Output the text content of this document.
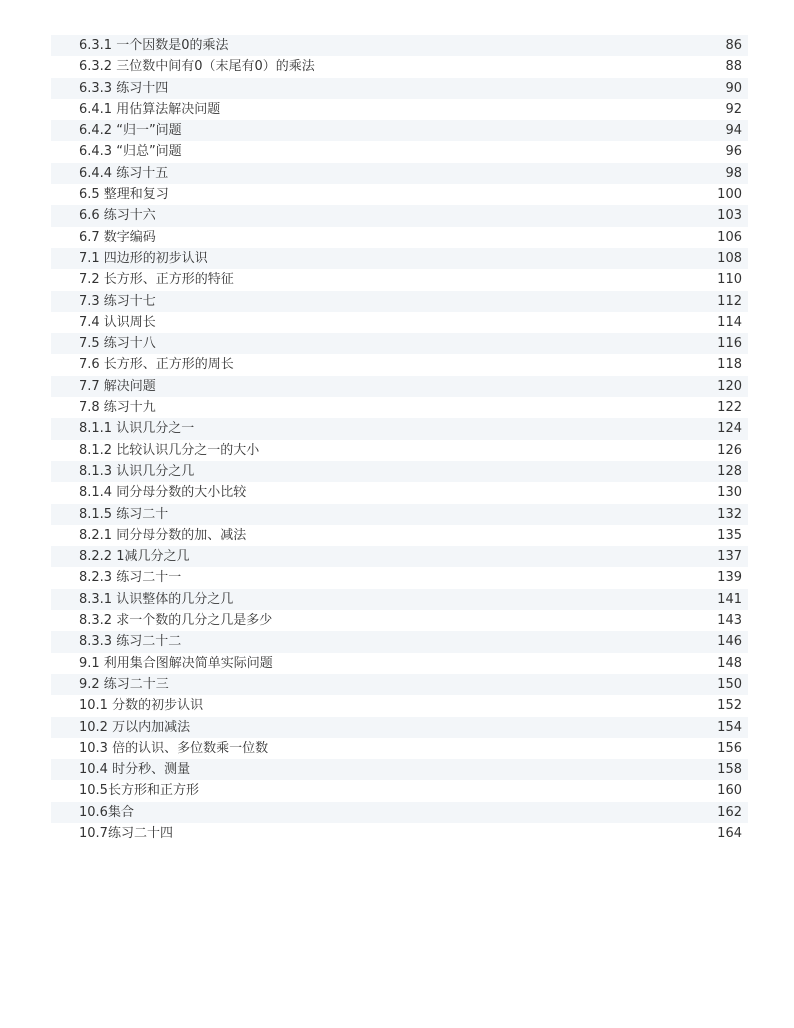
6.3.1 一个因数是0的乘法	86
6.3.2 三位数中间有0（末尾有0）的乘法	88
6.3.3 练习十四	90
6.4.1 用估算法解决问题	92
6.4.2 “归一”问题	94
6.4.3 “归总”问题	96
6.4.4 练习十五	98
6.5 整理和复习	100
6.6 练习十六	103
6.7 数字编码	106
7.1 四边形的初步认识	108
7.2 长方形、正方形的特征	110
7.3 练习十七	112
7.4 认识周长	114
7.5 练习十八	116
7.6 长方形、正方形的周长	118
7.7 解决问题	120
7.8 练习十九	122
8.1.1 认识几分之一	124
8.1.2 比较认识几分之一的大小	126
8.1.3 认识几分之几	128
8.1.4 同分母分数的大小比较	130
8.1.5 练习二十	132
8.2.1 同分母分数的加、减法	135
8.2.2 1减几分之几	137
8.2.3 练习二十一	139
8.3.1 认识整体的几分之几	141
8.3.2 求一个数的几分之几是多少	143
8.3.3 练习二十二	146
9.1 利用集合图解决简单实际问题	148
9.2 练习二十三	150
10.1 分数的初步认识	152
10.2 万以内加减法	154
10.3 倍的认识、多位数乘一位数	156
10.4 时分秒、测量	158
10.5长方形和正方形	160
10.6集合	162
10.7练习二十四	164
